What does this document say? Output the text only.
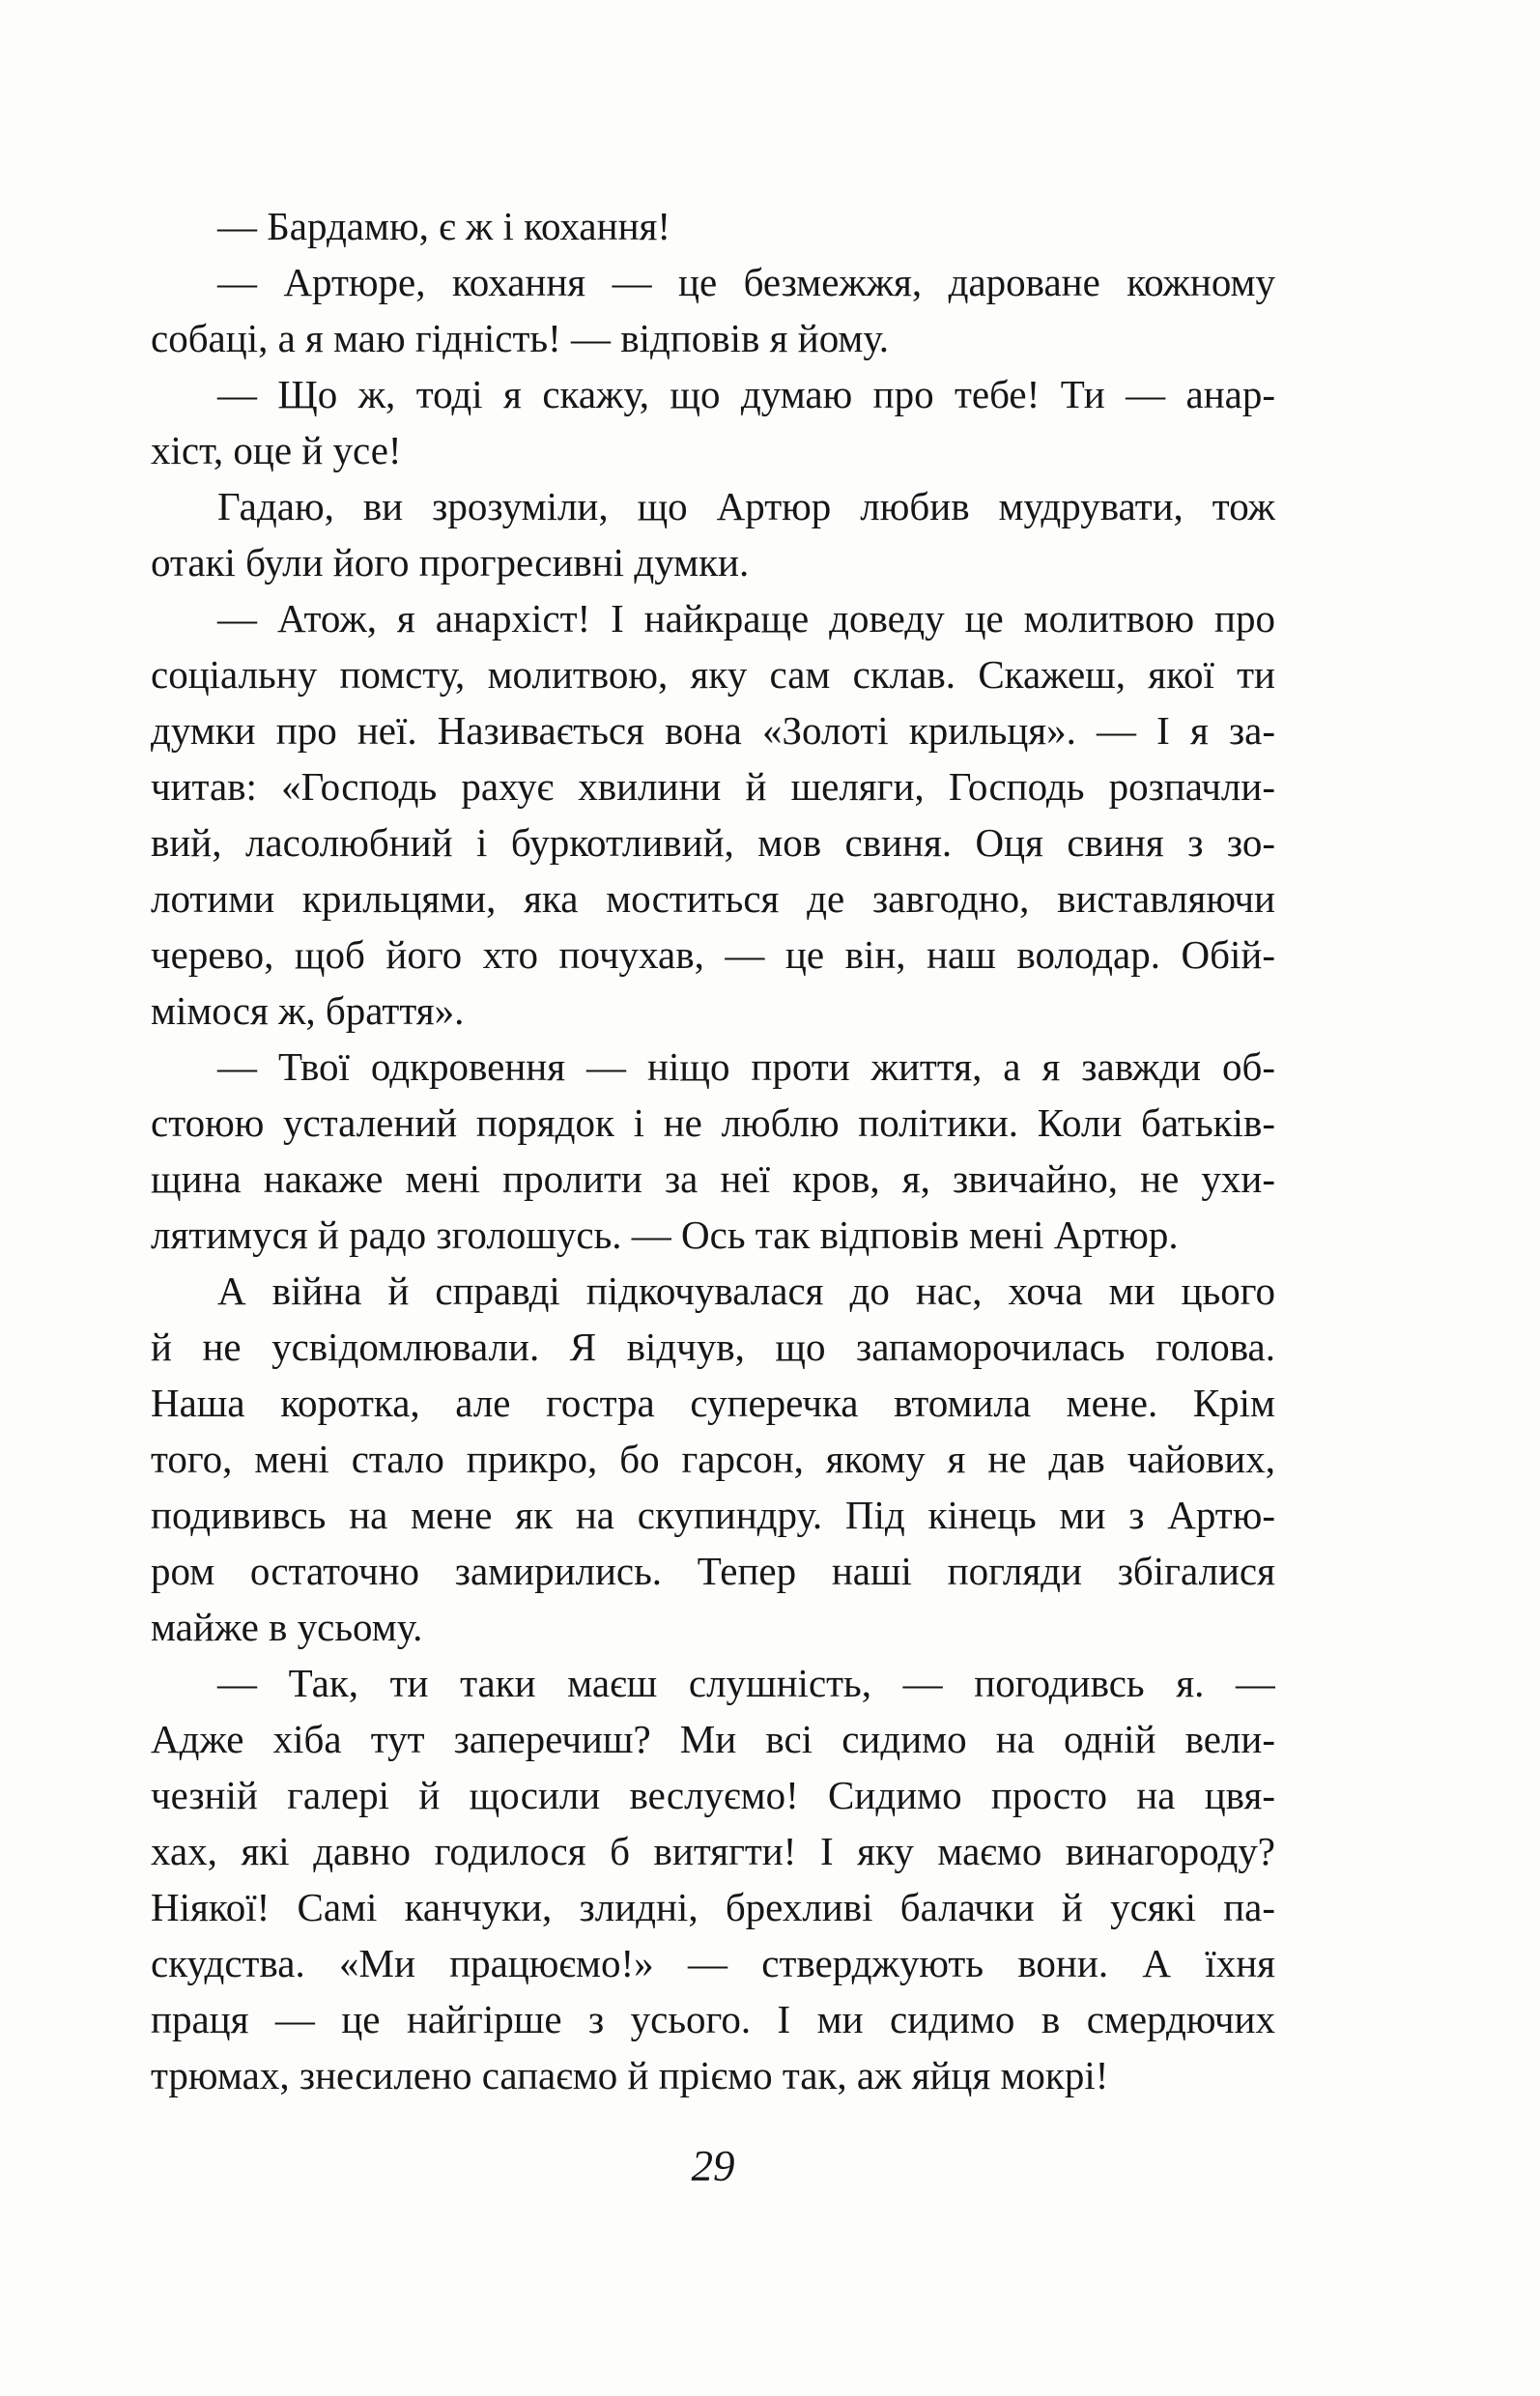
— Бардамю, є ж і кохання!
— Артюре, кохання — це безмежжя, дароване кожному
собаці, а я маю гідність! — відповів я йому.
— Що ж, тоді я скажу, що думаю про тебе! Ти — анар-
хіст, оце й усе!
Гадаю, ви зрозуміли, що Артюр любив мудрувати, тож
отакі були його прогресивні думки.
— Атож, я анархіст! І найкраще доведу це молитвою про
соціальну помсту, молитвою, яку сам склав. Скажеш, якої ти
думки про неї. Називається вона «Золоті крильця». — І я за-
читав: «Господь рахує хвилини й шеляги, Господь розпачли-
вий, ласолюбний і буркотливий, мов свиня. Оця свиня з зо-
лотими крильцями, яка моститься де завгодно, виставляючи
черево, щоб його хто почухав, — це він, наш володар. Обій-
мімося ж, браття».
— Твої одкровення — ніщо проти життя, а я завжди об-
стоюю усталений порядок і не люблю політики. Коли батьків-
щина накаже мені пролити за неї кров, я, звичайно, не ухи-
лятимуся й радо зголошусь. — Ось так відповів мені Артюр.
А війна й справді підкочувалася до нас, хоча ми цього
й не усвідомлювали. Я відчув, що запаморочилась голова.
Наша коротка, але гостра суперечка втомила мене. Крім
того, мені стало прикро, бо гарсон, якому я не дав чайових,
подививсь на мене як на скупиндру. Під кінець ми з Артю-
ром остаточно замирились. Тепер наші погляди збігалися
майже в усьому.
— Так, ти таки маєш слушність, — погодивсь я. —
Адже хіба тут заперечиш? Ми всі сидимо на одній вели-
чезній галері й щосили веслуємо! Сидимо просто на цвя-
хах, які давно годилося б витягти! І яку маємо винагороду?
Ніякої! Самі канчуки, злидні, брехливі балачки й усякі па-
скудства. «Ми працюємо!» — стверджують вони. А їхня
праця — це найгірше з усього. І ми сидимо в смердючих
трюмах, знесилено сапаємо й пріємо так, аж яйця мокрі!
29
